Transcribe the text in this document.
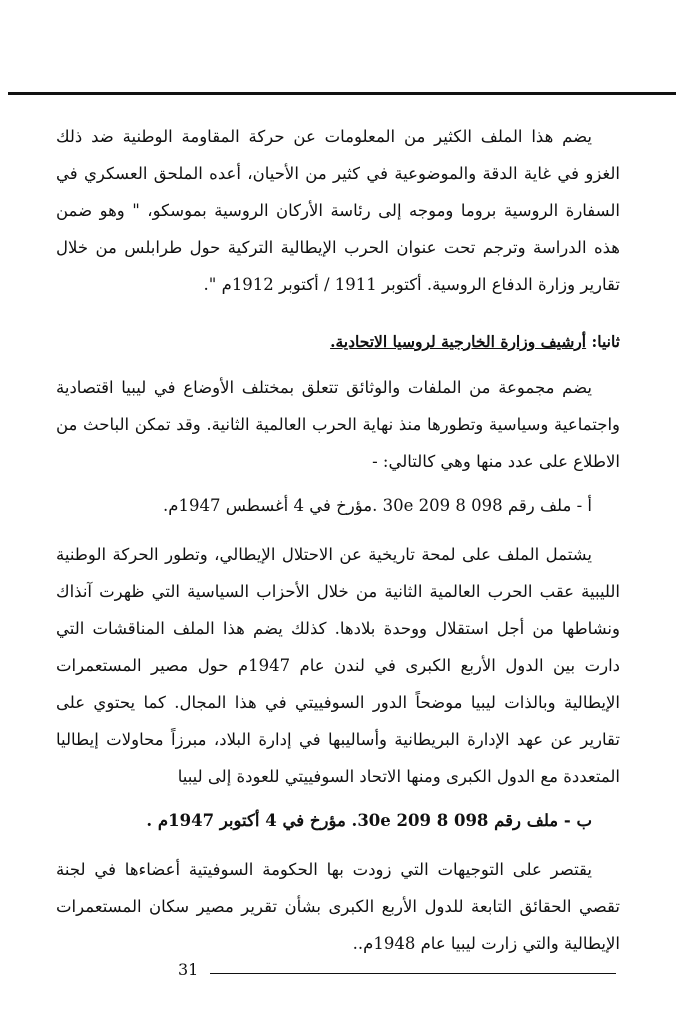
يضم هذا الملف الكثير من المعلومات عن حركة المقاومة الوطنية ضد ذلك الغزو في غاية الدقة والموضوعية في كثير من الأحيان، أعده الملحق العسكري في السفارة الروسية بروما وموجه إلى رئاسة الأركان الروسية بموسكو، " وهو ضمن هذه الدراسة وترجم تحت عنوان الحرب الإيطالية التركية حول طرابلس من خلال تقارير وزارة الدفاع الروسية. أكتوبر 1911 / أكتوبر 1912م ".

ثانيا: أرشيف وزارة الخارجية لروسيا الاتحادية.

يضم مجموعة من الملفات والوثائق تتعلق بمختلف الأوضاع في ليبيا اقتصادية واجتماعية وسياسية وتطورها منذ نهاية الحرب العالمية الثانية. وقد تمكن الباحث من الاطلاع على عدد منها وهي كالتالي: -

أ - ملف رقم 098 8 209 30e .مؤرخ في 4 أغسطس 1947م.

يشتمل الملف على لمحة تاريخية عن الاحتلال الإيطالي، وتطور الحركة الوطنية الليبية عقب الحرب العالمية الثانية من خلال الأحزاب السياسية التي ظهرت آنذاك ونشاطها من أجل استقلال ووحدة بلادها. كذلك يضم هذا الملف المناقشات التي دارت بين الدول الأربع الكبرى في لندن عام 1947م حول مصير المستعمرات الإيطالية وبالذات ليبيا موضحاً الدور السوفييتي في هذا المجال. كما يحتوي على تقارير عن عهد الإدارة البريطانية وأساليبها في إدارة البلاد، مبرزاً محاولات إيطاليا المتعددة مع الدول الكبرى ومنها الاتحاد السوفييتي للعودة إلى ليبيا

ب - ملف رقم 098 8 209 30e. مؤرخ في 4 أكتوبر 1947م .

يقتصر على التوجيهات التي زودت بها الحكومة السوفيتية أعضاءها في لجنة تقصي الحقائق التابعة للدول الأربع الكبرى بشأن تقرير مصير سكان المستعمرات الإيطالية والتي زارت ليبيا عام 1948م..

31
